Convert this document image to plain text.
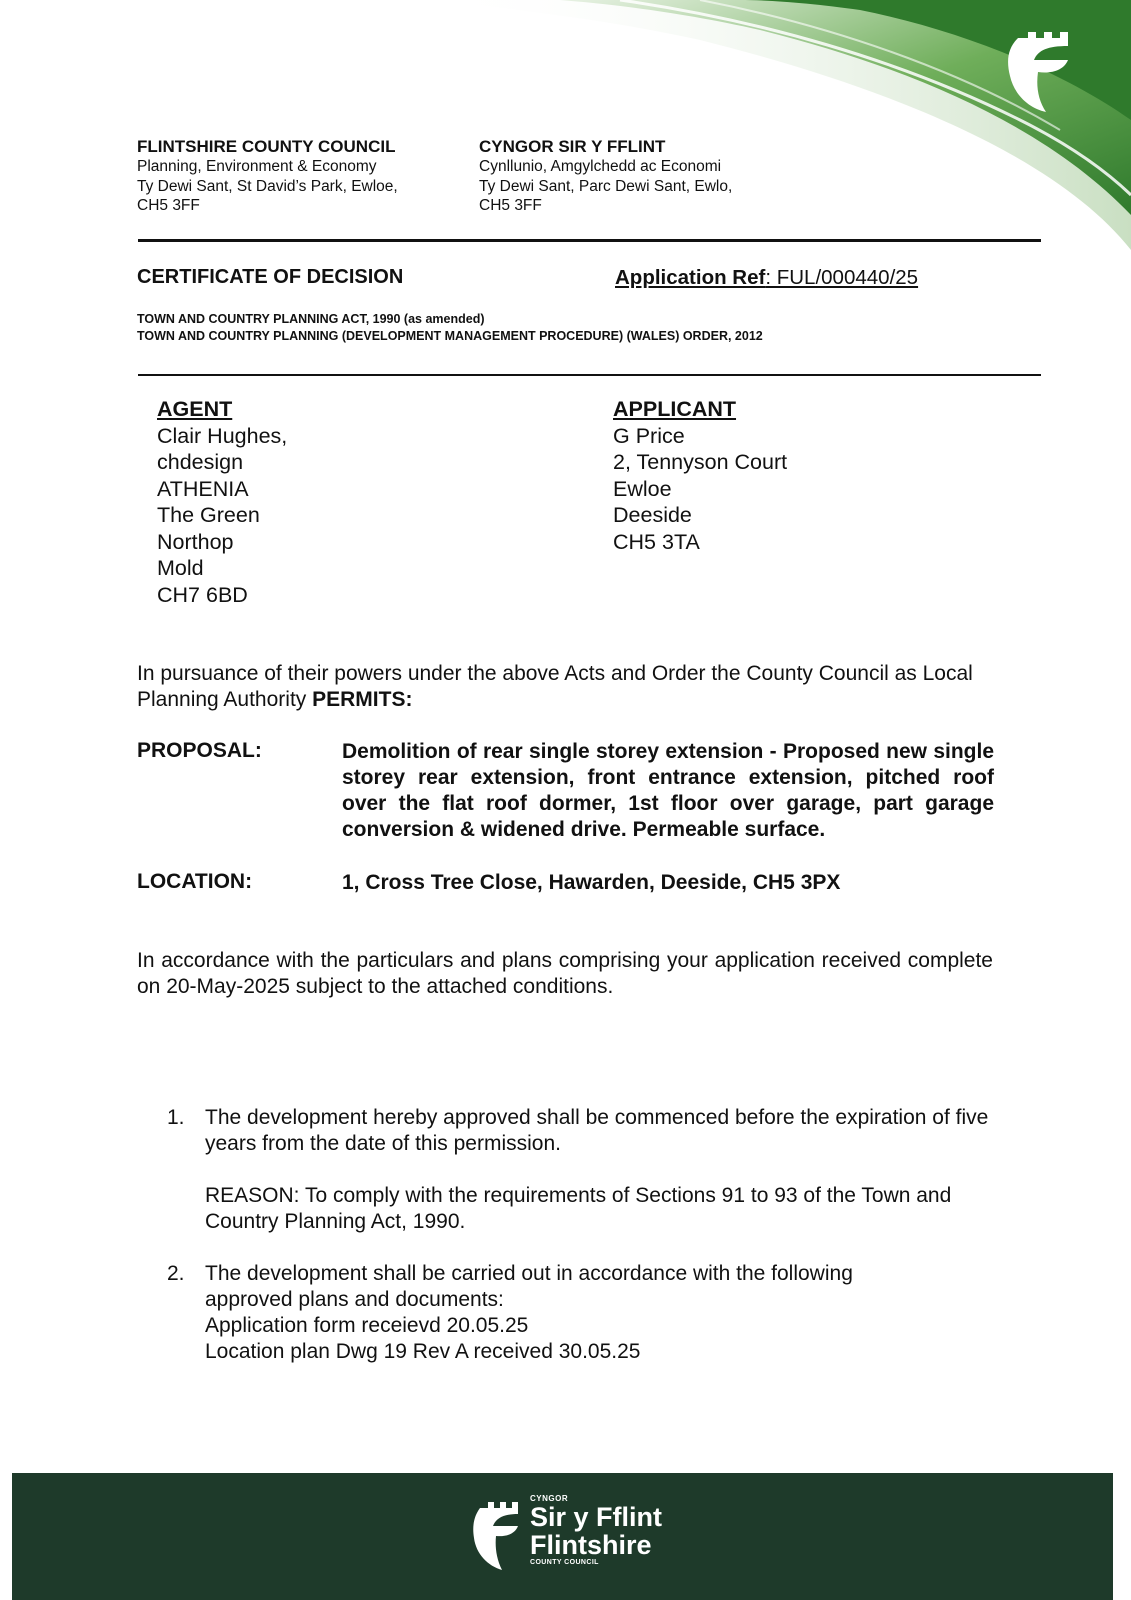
FLINTSHIRE COUNTY COUNCIL
Planning, Environment & Economy
Ty Dewi Sant, St David’s Park, Ewloe,
CH5 3FF
CYNGOR SIR Y FFLINT
Cynllunio, Amgylchedd ac Economi
Ty Dewi Sant, Parc Dewi Sant, Ewlo,
CH5 3FF
CERTIFICATE OF DECISION	Application Ref: FUL/000440/25
TOWN AND COUNTRY PLANNING ACT, 1990 (as amended)
TOWN AND COUNTRY PLANNING (DEVELOPMENT MANAGEMENT PROCEDURE) (WALES) ORDER, 2012
AGENT
Clair Hughes,
chdesign
ATHENIA
The Green
Northop
Mold
CH7 6BD
APPLICANT
G Price
2, Tennyson Court
Ewloe
Deeside
CH5 3TA
In pursuance of their powers under the above Acts and Order the County Council as Local Planning Authority PERMITS:
PROPOSAL:	Demolition of rear single storey extension - Proposed new single storey rear extension, front entrance extension, pitched roof over the flat roof dormer, 1st floor over garage, part garage conversion & widened drive. Permeable surface.
LOCATION:	1, Cross Tree Close, Hawarden, Deeside, CH5 3PX
In accordance with the particulars and plans comprising your application received complete on 20-May-2025 subject to the attached conditions.
1. The development hereby approved shall be commenced before the expiration of five years from the date of this permission.
REASON: To comply with the requirements of Sections 91 to 93 of the Town and Country Planning Act, 1990.
2. The development shall be carried out in accordance with the following approved plans and documents:
Application form receievd 20.05.25
Location plan Dwg 19 Rev A received 30.05.25
CYNGOR
Sir y Fflint
Flintshire
COUNTY COUNCIL
